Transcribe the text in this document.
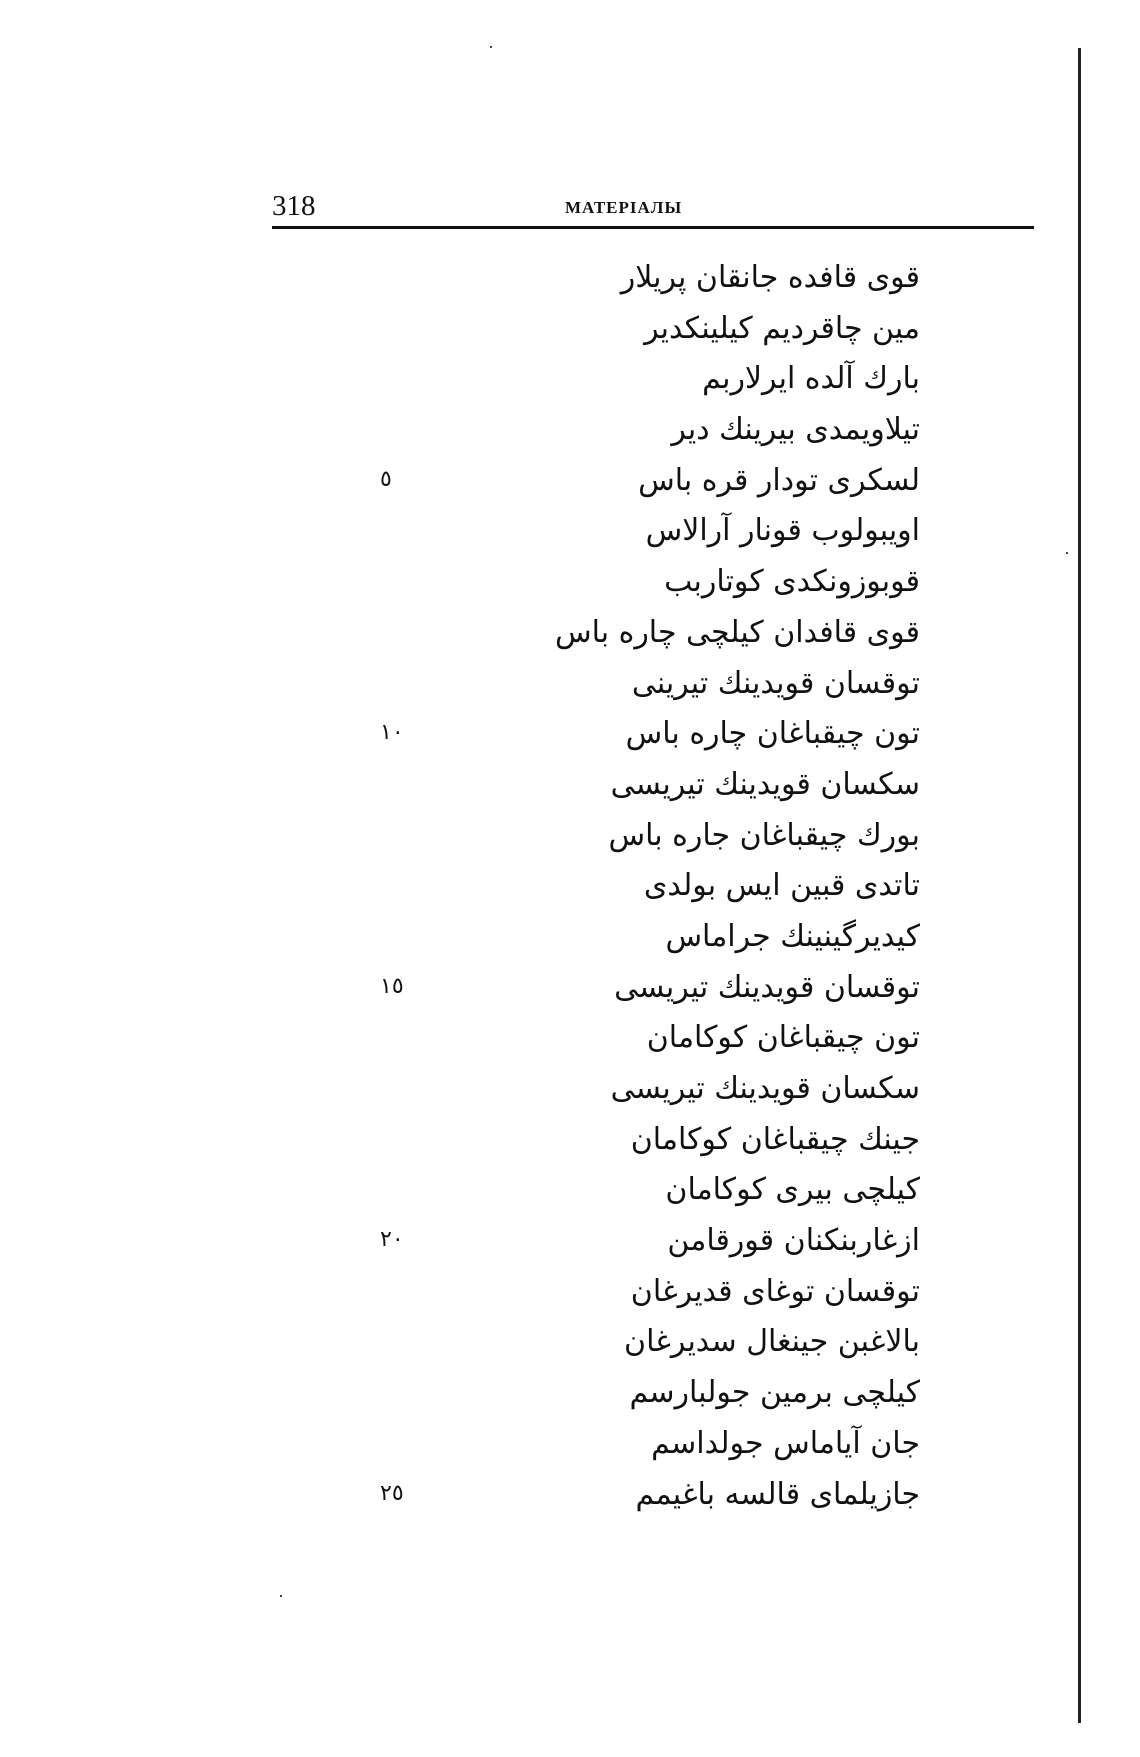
318	МАТЕРІАЛЫ
قوی قافده جانقان پریلار
مین چاقردیم کیلینکدیر
بارك آلده ایرلاربم
تیلاویمدی بیرینك دیر
لسکری تودار قره باس
٥
اویبولوب قونار آرالاس
قوبوزونکدی کوتاربب
قوی قافدان کیلچی چاره باس
توقسان قویدینك تیرینی
تون چیقباغان چاره باس
١٠
سکسان قویدینك تیریسی
بورك چیقباغان جاره باس
تاتدی قبین ایس بولدی
کیدیرگینینك جراماس
توقسان قویدینك تیریسی
١٥
تون چیقباغان کوکامان
سکسان قویدینك تیریسی
جینك چیقباغان کوکامان
کیلچی بیری کوکامان
ازغاربنکنان قورقامن
٢٠
توقسان توغای قدیرغان
بالاغبن جینغال سدیرغان
کیلچی برمین جولبارسم
جان آیاماس جولداسم
جازیلمای قالسه باغیمم
٢٥
